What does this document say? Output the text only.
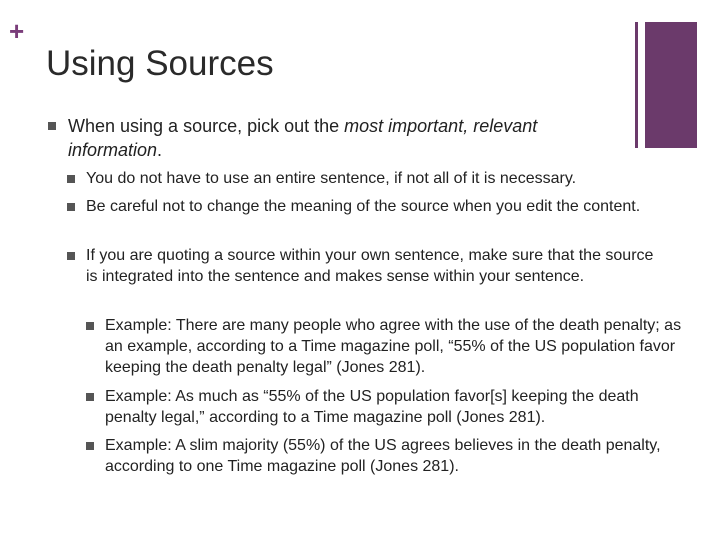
+
Using Sources
When using a source, pick out the most important, relevant information.
You do not have to use an entire sentence, if not all of it is necessary.
Be careful not to change the meaning of the source when you edit the content.
If you are quoting a source within your own sentence, make sure that the source is integrated into the sentence and makes sense within your sentence.
Example: There are many people who agree with the use of the death penalty; as an example, according to a Time magazine poll, “55% of the US population favor keeping the death penalty legal” (Jones 281).
Example: As much as “55% of the US population favor[s] keeping the death penalty legal,” according to a Time magazine poll (Jones 281).
Example: A slim majority (55%) of the US agrees believes in the death penalty, according to one Time magazine poll (Jones 281).
